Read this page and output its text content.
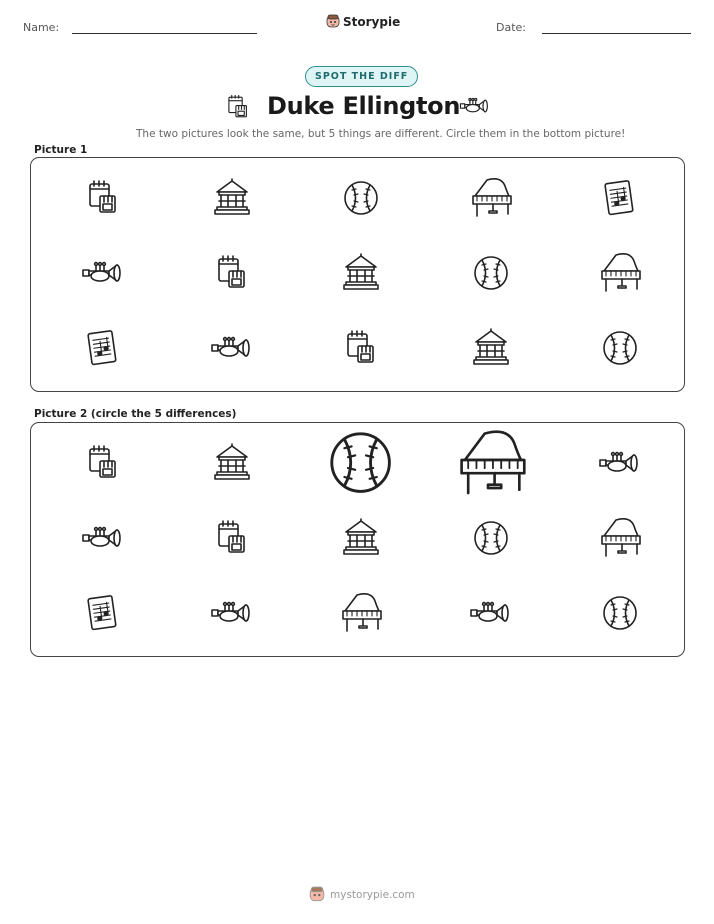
Name:	Storypie	Date:
SPOT THE DIFF
Duke Ellington
The two pictures look the same, but 5 things are different. Circle them in the bottom picture!
Picture 1
Picture 2 (circle the 5 differences)
mystorypie.com
